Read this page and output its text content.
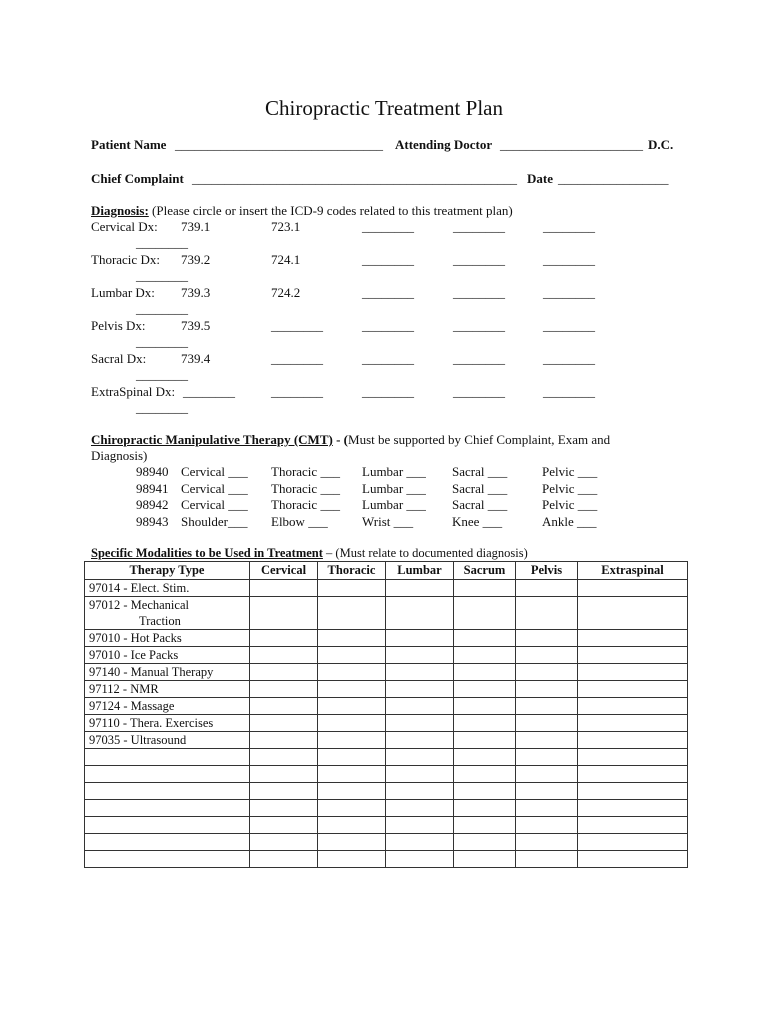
Chiropractic Treatment Plan
Patient Name ________________________________ Attending Doctor ______________________ D.C.
Chief Complaint __________________________________________________ Date _________________
Diagnosis: (Please circle or insert the ICD-9 codes related to this treatment plan)
Cervical Dx: 739.1	723.1	________	________	________
________
Thoracic Dx: 739.2	724.1	________	________	________
________
Lumbar Dx: 739.3	724.2	________	________	________
________
Pelvis Dx:	739.5	________	________	________	________
________
Sacral Dx:	739.4	________	________	________	________
________
ExtraSpinal Dx: ________	________	________	________	________
________
Chiropractic Manipulative Therapy (CMT) - (Must be supported by Chief Complaint, Exam and
Diagnosis)
98940 Cervical ___ Thoracic ___ Lumbar ___ Sacral ___	Pelvic ___
98941 Cervical ___ Thoracic ___ Lumbar ___ Sacral ___	Pelvic ___
98942 Cervical ___ Thoracic ___ Lumbar ___ Sacral ___	Pelvic ___
98943 Shoulder___ Elbow ___	Wrist ___	Knee ___	Ankle ___
Specific Modalities to be Used in Treatment – (Must relate to documented diagnosis)
Therapy Type	Cervical	Thoracic	Lumbar	Sacrum	Pelvis	Extraspinal

97014 - Elect. Stim.						

97012 - Mechanical
Traction						

97010 - Hot Packs						

97010 - Ice Packs						

97140 - Manual Therapy						

97112 - NMR						

97124 - Massage						

97110 - Thera. Exercises						

97035 - Ultrasound						
